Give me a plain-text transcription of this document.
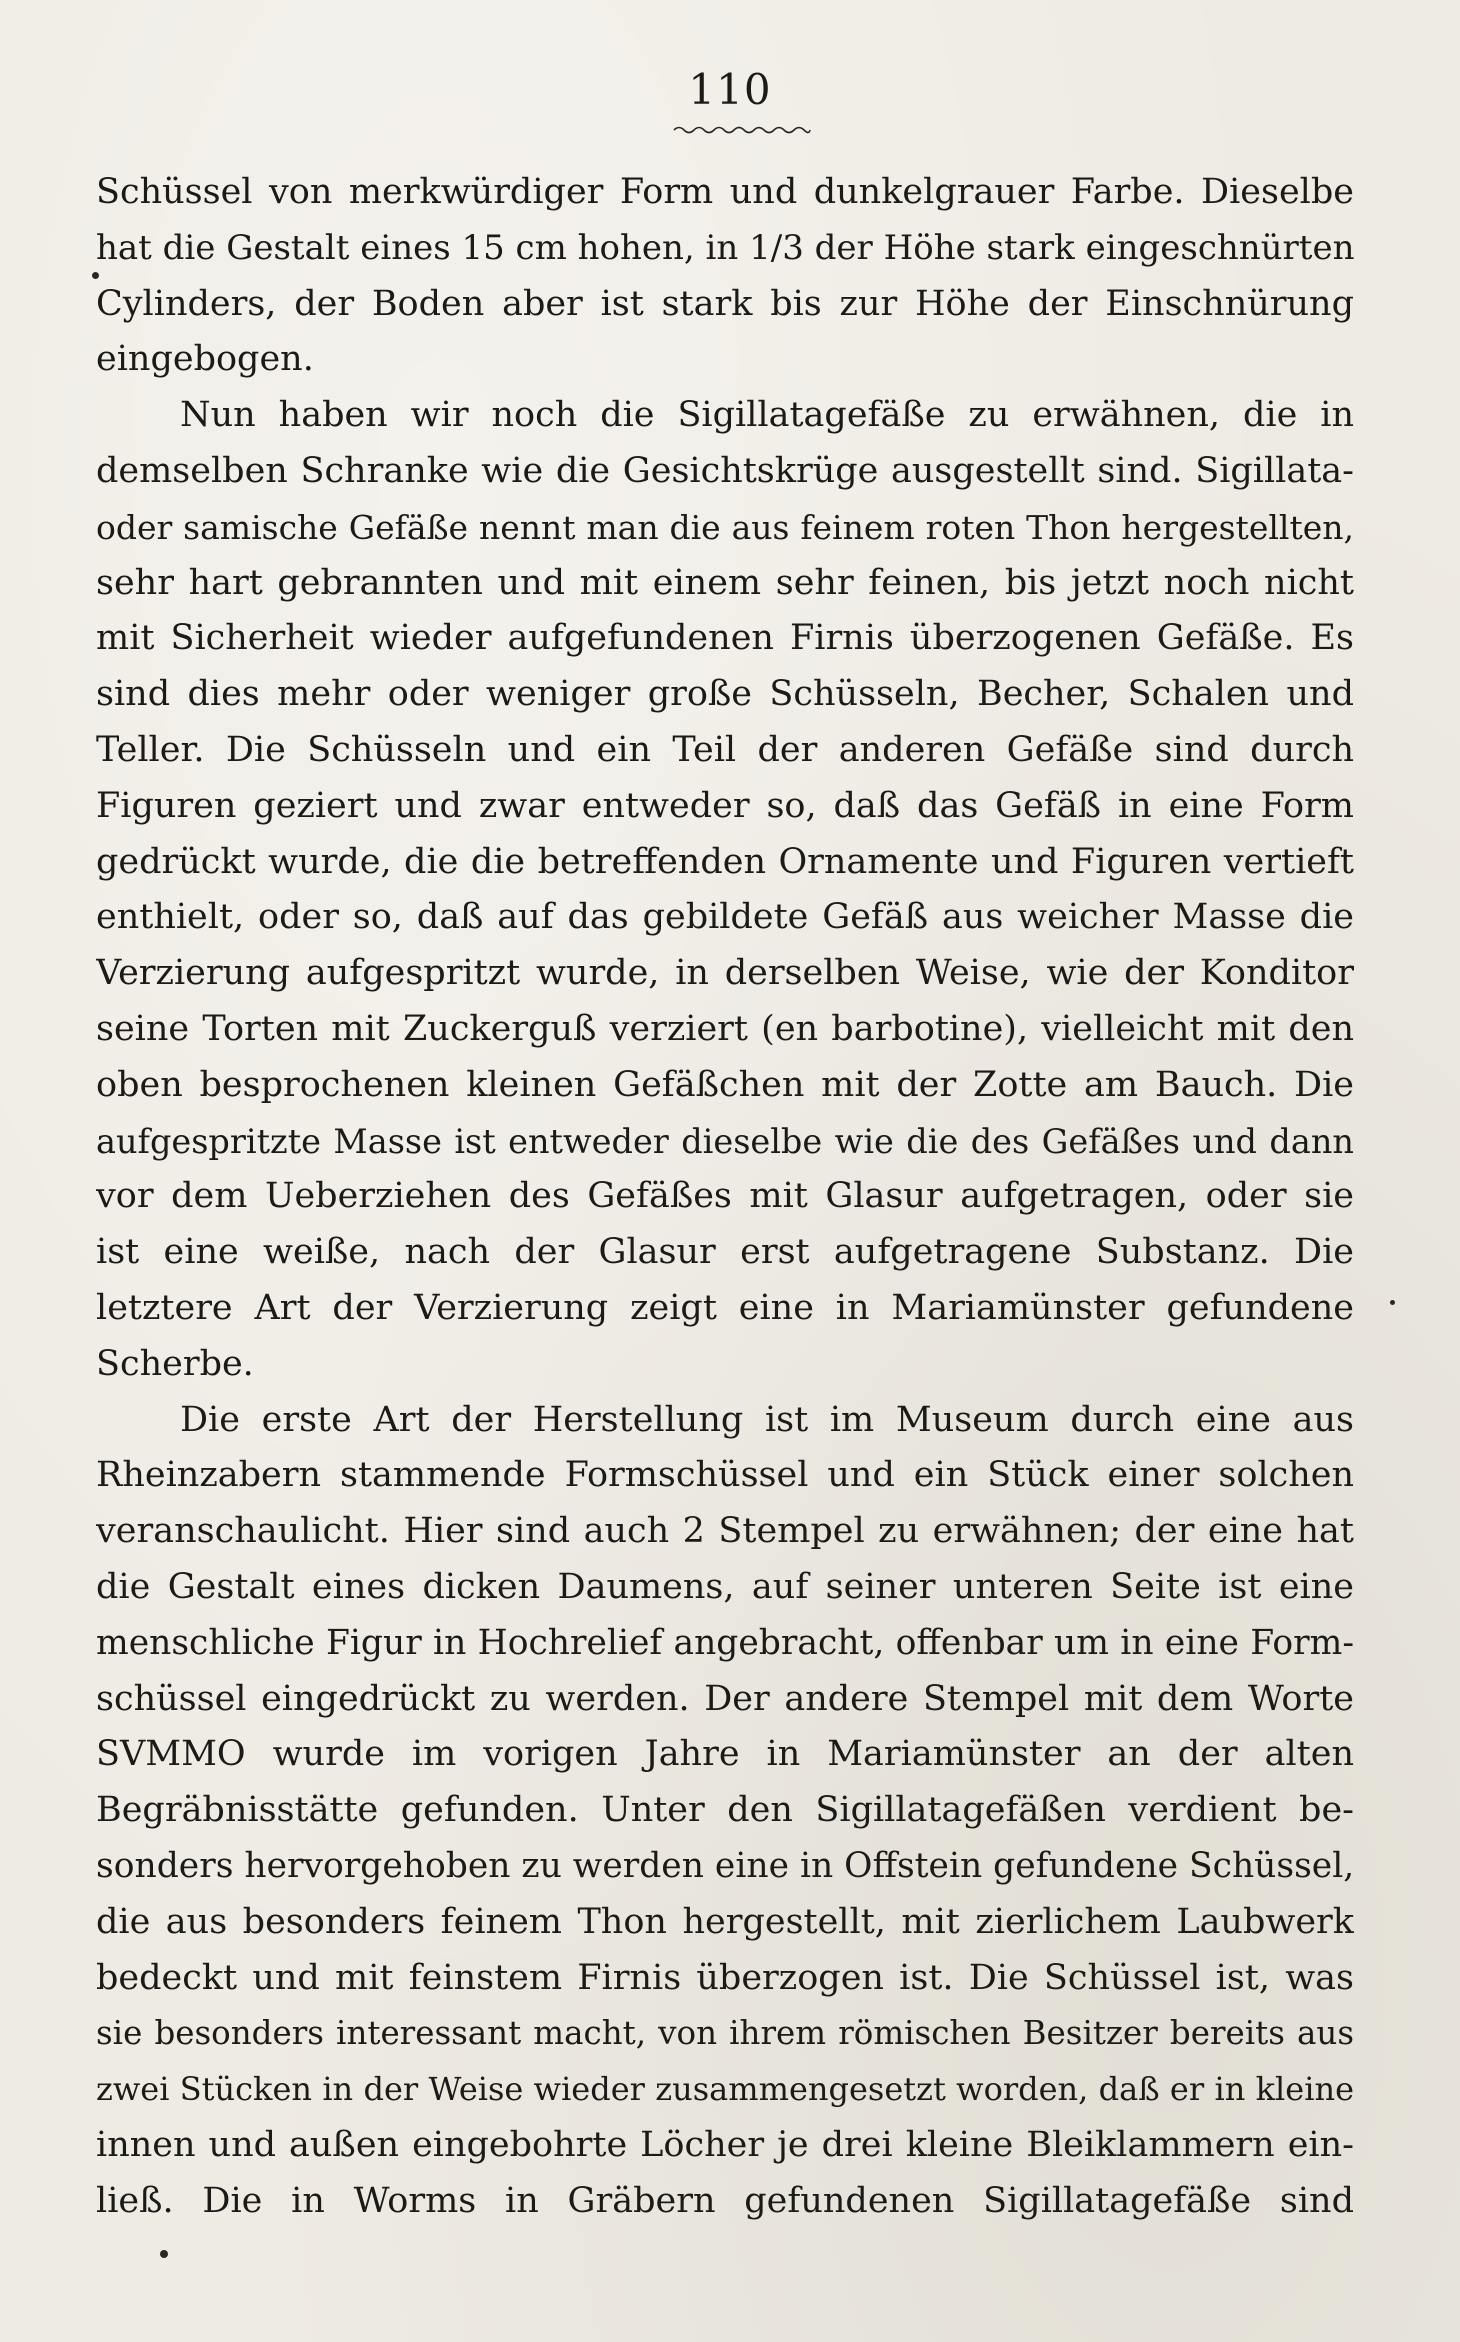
110
Schüssel von merkwürdiger Form und dunkelgrauer Farbe. Dieselbe
hat die Gestalt eines 15 cm hohen, in 1/3 der Höhe stark eingeschnürten
Cylinders, der Boden aber ist stark bis zur Höhe der Einschnürung
eingebogen.
Nun haben wir noch die Sigillatagefäße zu erwähnen, die in
demselben Schranke wie die Gesichtskrüge ausgestellt sind. Sigillata-
oder samische Gefäße nennt man die aus feinem roten Thon hergestellten,
sehr hart gebrannten und mit einem sehr feinen, bis jetzt noch nicht
mit Sicherheit wieder aufgefundenen Firnis überzogenen Gefäße. Es
sind dies mehr oder weniger große Schüsseln, Becher, Schalen und
Teller. Die Schüsseln und ein Teil der anderen Gefäße sind durch
Figuren geziert und zwar entweder so, daß das Gefäß in eine Form
gedrückt wurde, die die betreffenden Ornamente und Figuren vertieft
enthielt, oder so, daß auf das gebildete Gefäß aus weicher Masse die
Verzierung aufgespritzt wurde, in derselben Weise, wie der Konditor
seine Torten mit Zuckerguß verziert (en barbotine), vielleicht mit den
oben besprochenen kleinen Gefäßchen mit der Zotte am Bauch. Die
aufgespritzte Masse ist entweder dieselbe wie die des Gefäßes und dann
vor dem Ueberziehen des Gefäßes mit Glasur aufgetragen, oder sie
ist eine weiße, nach der Glasur erst aufgetragene Substanz. Die
letztere Art der Verzierung zeigt eine in Mariamünster gefundene
Scherbe.
Die erste Art der Herstellung ist im Museum durch eine aus
Rheinzabern stammende Formschüssel und ein Stück einer solchen
veranschaulicht. Hier sind auch 2 Stempel zu erwähnen; der eine hat
die Gestalt eines dicken Daumens, auf seiner unteren Seite ist eine
menschliche Figur in Hochrelief angebracht, offenbar um in eine Form-
schüssel eingedrückt zu werden. Der andere Stempel mit dem Worte
SVMMO wurde im vorigen Jahre in Mariamünster an der alten
Begräbnisstätte gefunden. Unter den Sigillatagefäßen verdient be-
sonders hervorgehoben zu werden eine in Offstein gefundene Schüssel,
die aus besonders feinem Thon hergestellt, mit zierlichem Laubwerk
bedeckt und mit feinstem Firnis überzogen ist. Die Schüssel ist, was
sie besonders interessant macht, von ihrem römischen Besitzer bereits aus
zwei Stücken in der Weise wieder zusammengesetzt worden, daß er in kleine
innen und außen eingebohrte Löcher je drei kleine Bleiklammern ein-
ließ. Die in Worms in Gräbern gefundenen Sigillatagefäße sind
